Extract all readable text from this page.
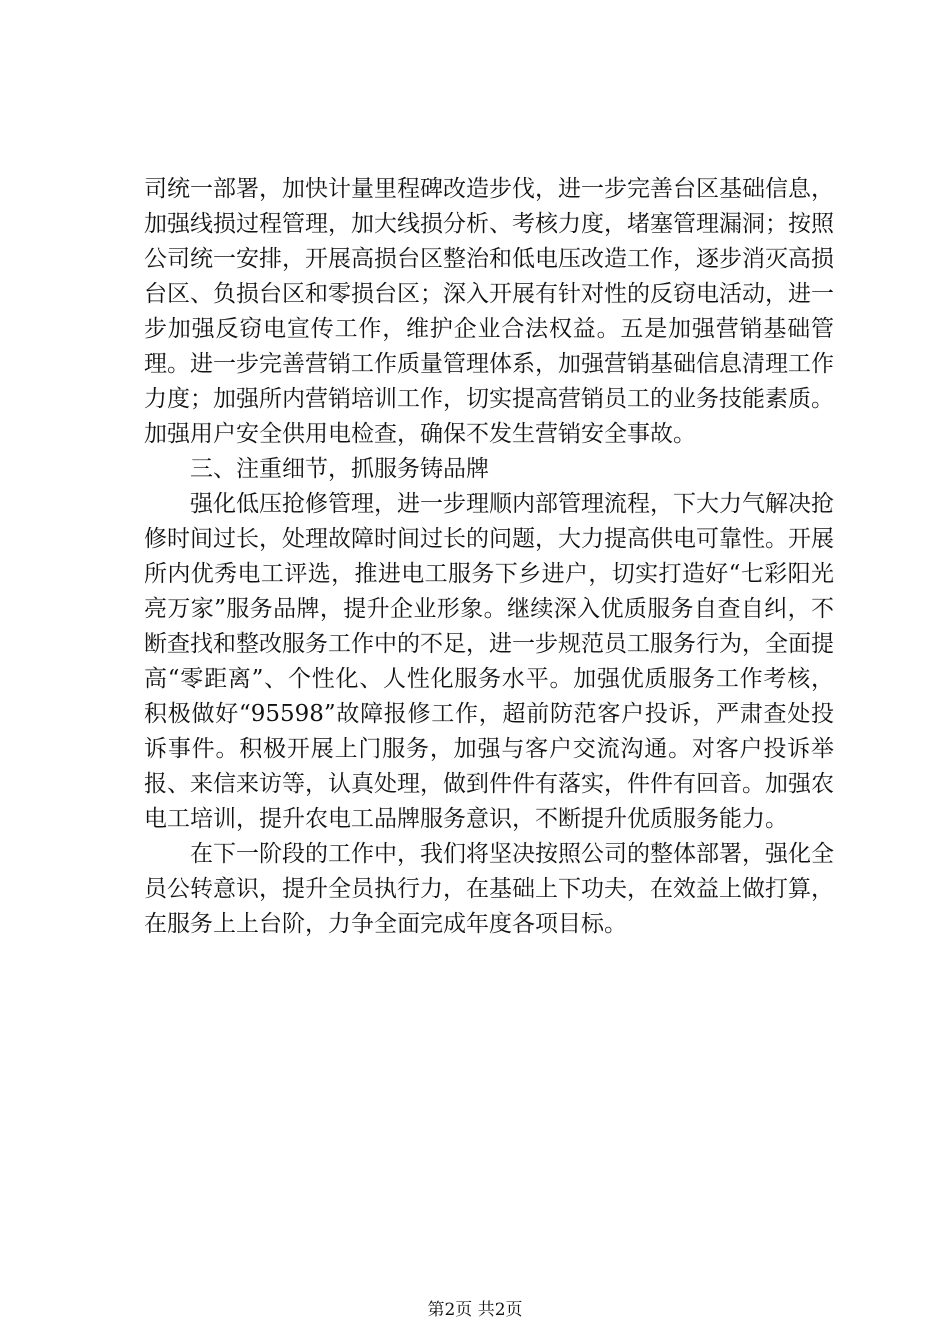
司统一部署，加快计量里程碑改造步伐，进一步完善台区基础信息，加强线损过程管理，加大线损分析、考核力度，堵塞管理漏洞；按照公司统一安排，开展高损台区整治和低电压改造工作，逐步消灭高损台区、负损台区和零损台区；深入开展有针对性的反窃电活动，进一步加强反窃电宣传工作，维护企业合法权益。五是加强营销基础管理。进一步完善营销工作质量管理体系，加强营销基础信息清理工作力度；加强所内营销培训工作，切实提高营销员工的业务技能素质。加强用户安全供用电检查，确保不发生营销安全事故。

三、注重细节，抓服务铸品牌

强化低压抢修管理，进一步理顺内部管理流程，下大力气解决抢修时间过长，处理故障时间过长的问题，大力提高供电可靠性。开展所内优秀电工评选，推进电工服务下乡进户，切实打造好“七彩阳光亮万家”服务品牌，提升企业形象。继续深入优质服务自查自纠，不断查找和整改服务工作中的不足，进一步规范员工服务行为，全面提高“零距离”、个性化、人性化服务水平。加强优质服务工作考核，积极做好“95598”故障报修工作，超前防范客户投诉，严肃查处投诉事件。积极开展上门服务，加强与客户交流沟通。对客户投诉举报、来信来访等，认真处理，做到件件有落实，件件有回音。加强农电工培训，提升农电工品牌服务意识，不断提升优质服务能力。

在下一阶段的工作中，我们将坚决按照公司的整体部署，强化全员公转意识，提升全员执行力，在基础上下功夫，在效益上做打算，在服务上上台阶，力争全面完成年度各项目标。

第2页 共2页
